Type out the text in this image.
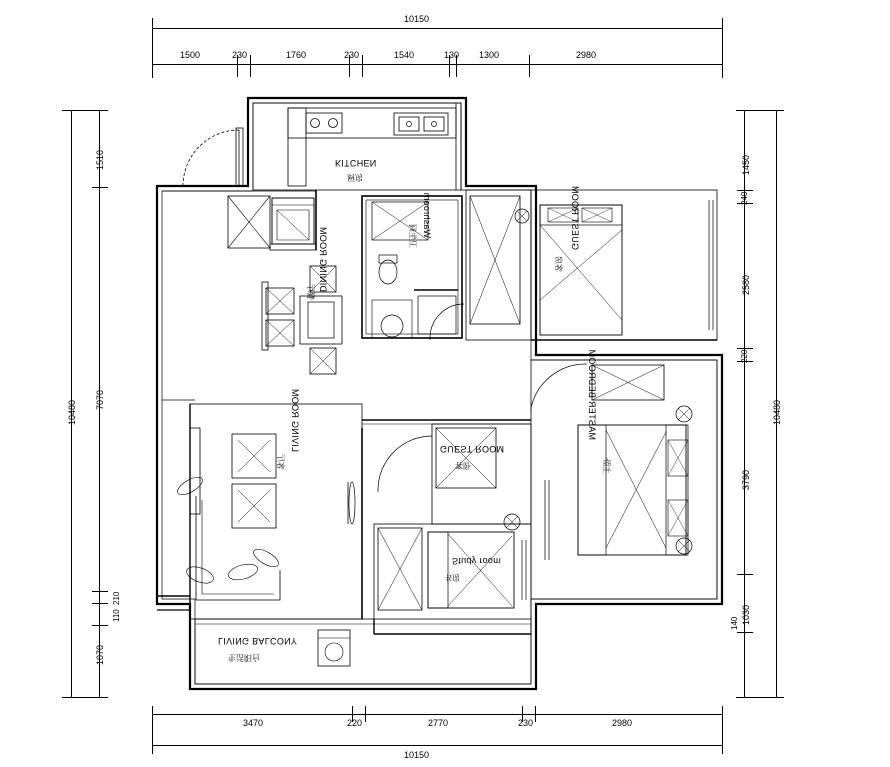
10150
1500	230	1760	230	1540	130 1300	2980
3470	220	2770	230	2980
10150
1510
7070
1070
210
110
10480
1450
240
2580
220
3790
1030
140
10480
KITCHEN
厨房
DINING ROOM
餐厅
Washroom
卫生间	GUEST ROOM
客房
LIVING ROOM
客厅
GUEST ROOM
客卧
MASTER BEDROOM
主卧
Study room
书房
LIVING BALCONY
生活阳台
